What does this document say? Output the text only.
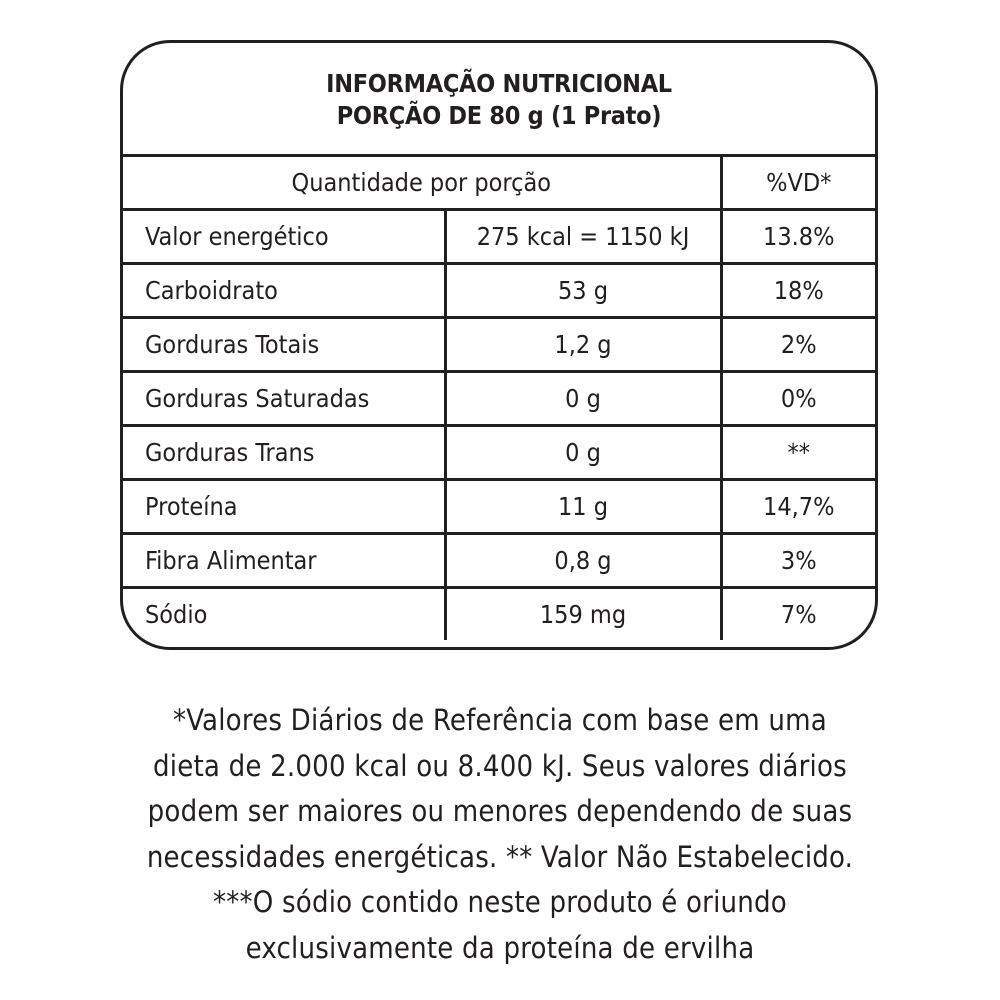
INFORMAÇÃO NUTRICIONAL
PORÇÃO DE 80 g (1 Prato)
Quantidade por porção		%VD*
Valor energético	275 kcal = 1150 kJ	13.8%
Carboidrato	53 g	18%
Gorduras Totais	1,2 g	2%
Gorduras Saturadas	0 g	0%
Gorduras Trans	0 g	**
Proteína	11 g	14,7%
Fibra Alimentar	0,8 g	3%
Sódio	159 mg	7%
*Valores Diários de Referência com base em uma
dieta de 2.000 kcal ou 8.400 kJ. Seus valores diários
podem ser maiores ou menores dependendo de suas
necessidades energéticas. ** Valor Não Estabelecido.
***O sódio contido neste produto é oriundo
exclusivamente da proteína de ervilha
